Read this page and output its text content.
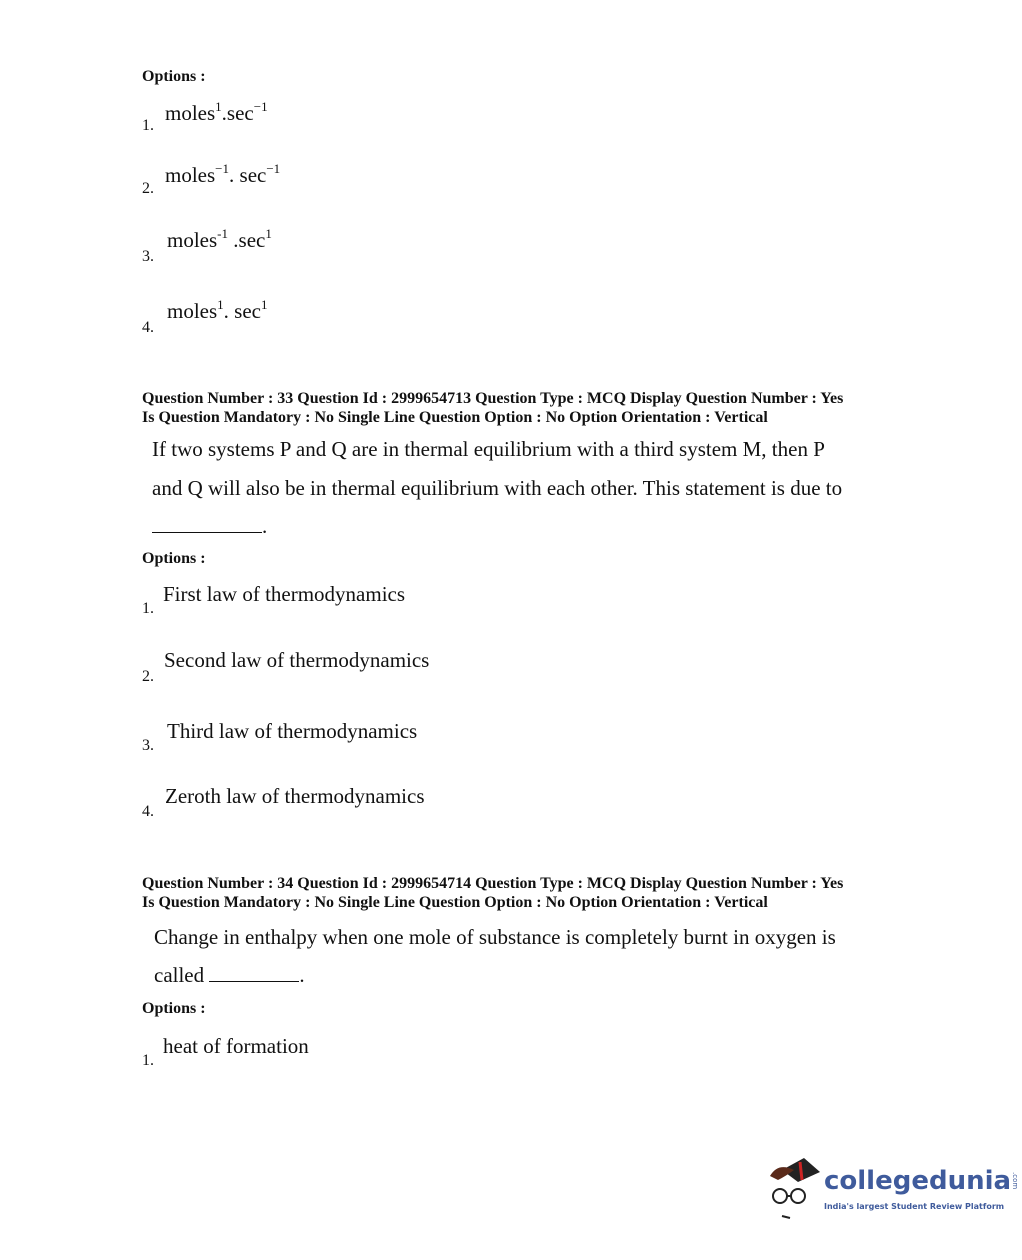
Options :
1.
$moles^1.\sec^{-1}$
2.
moles$^{-1}$. $\sec^{-1}$
3.
moles$^{-1}$ $.\sec^1$
4.
moles$^1$. $\sec^1$
Question Number : 33 Question Id : 2999654713 Question Type : MCQ Display Question Number : Yes
Is Question Mandatory : No Single Line Question Option : No Option Orientation : Vertical
If two systems P and Q are in thermal equilibrium with a third system M, then P
and Q will also be in thermal equilibrium with each other. This statement is due to
.
Options :
1.
First law of thermodynamics
2.
Second law of thermodynamics
3.
Third law of thermodynamics
4.
Zeroth law of thermodynamics
Question Number : 34 Question Id : 2999654714 Question Type : MCQ Display Question Number : Yes
Is Question Mandatory : No Single Line Question Option : No Option Orientation : Vertical
Change in enthalpy when one mole of substance is completely burnt in oxygen is
called	.
Options :
1.
heat of formation
collegedunia.com
India's largest Student Review Platform
